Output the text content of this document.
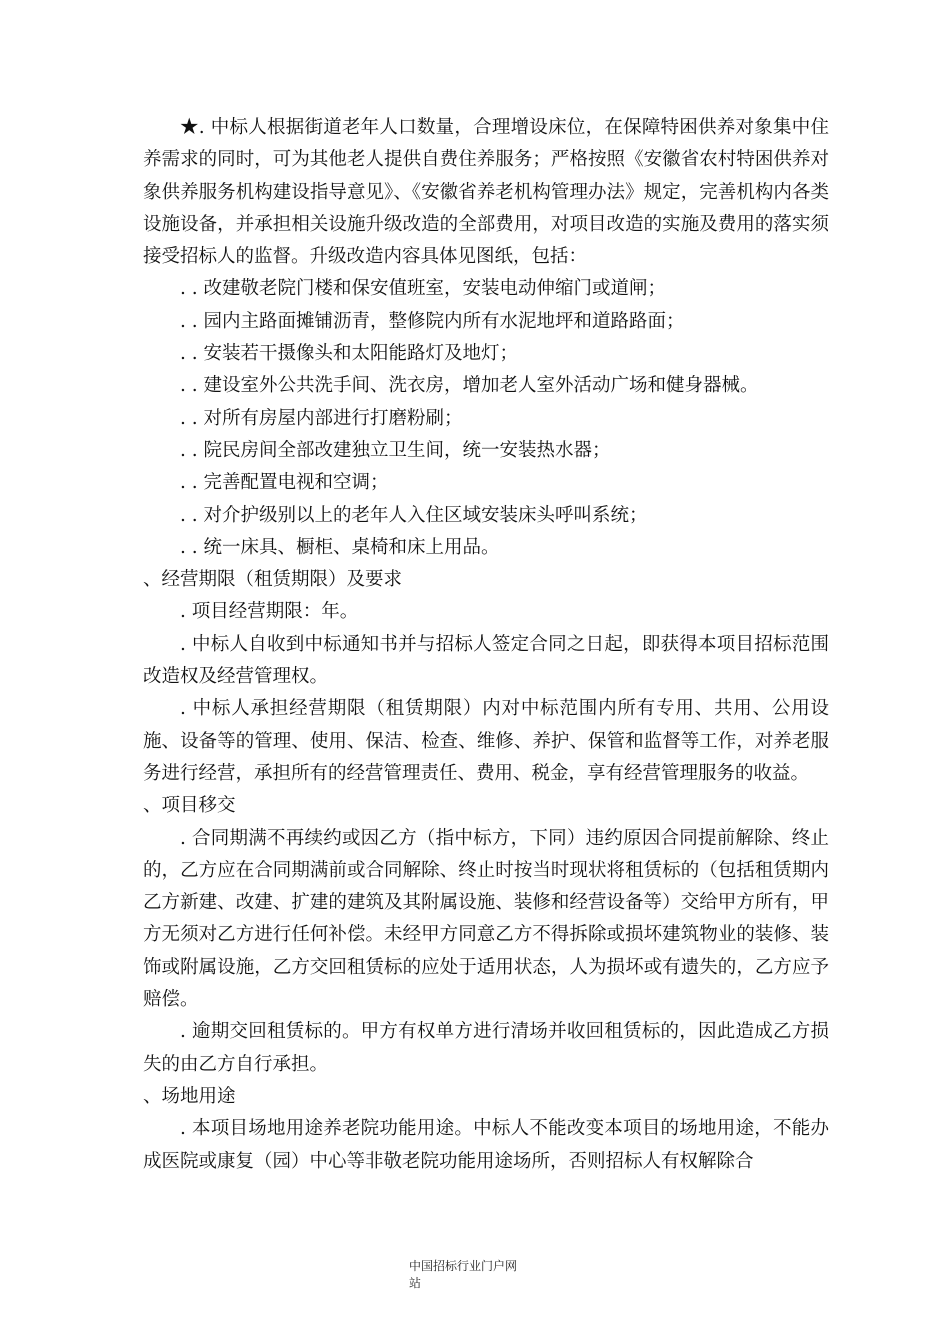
★. 中标人根据街道老年人口数量，合理增设床位，在保障特困供养对象集中住养需求的同时，可为其他老人提供自费住养服务；严格按照《安徽省农村特困供养对象供养服务机构建设指导意见》、《安徽省养老机构管理办法》规定，完善机构内各类设施设备，并承担相关设施升级改造的全部费用，对项目改造的实施及费用的落实须接受招标人的监督。升级改造内容具体见图纸，包括：

. . 改建敬老院门楼和保安值班室，安装电动伸缩门或道闸；

. . 园内主路面摊铺沥青，整修院内所有水泥地坪和道路路面；

. . 安装若干摄像头和太阳能路灯及地灯；

. . 建设室外公共洗手间、洗衣房，增加老人室外活动广场和健身器械。

. . 对所有房屋内部进行打磨粉刷；

. . 院民房间全部改建独立卫生间，统一安装热水器；

. . 完善配置电视和空调；

. . 对介护级别以上的老年人入住区域安装床头呼叫系统；

. . 统一床具、橱柜、桌椅和床上用品。

、经营期限（租赁期限）及要求

. 项目经营期限：年。

. 中标人自收到中标通知书并与招标人签定合同之日起，即获得本项目招标范围改造权及经营管理权。

. 中标人承担经营期限（租赁期限）内对中标范围内所有专用、共用、公用设施、设备等的管理、使用、保洁、检查、维修、养护、保管和监督等工作，对养老服务进行经营，承担所有的经营管理责任、费用、税金，享有经营管理服务的收益。

、项目移交

. 合同期满不再续约或因乙方（指中标方，下同）违约原因合同提前解除、终止的，乙方应在合同期满前或合同解除、终止时按当时现状将租赁标的（包括租赁期内乙方新建、改建、扩建的建筑及其附属设施、装修和经营设备等）交给甲方所有，甲方无须对乙方进行任何补偿。未经甲方同意乙方不得拆除或损坏建筑物业的装修、装饰或附属设施，乙方交回租赁标的应处于适用状态，人为损坏或有遗失的，乙方应予赔偿。

. 逾期交回租赁标的。甲方有权单方进行清场并收回租赁标的，因此造成乙方损失的由乙方自行承担。

、场地用途

. 本项目场地用途养老院功能用途。中标人不能改变本项目的场地用途，不能办成医院或康复（园）中心等非敬老院功能用途场所，否则招标人有权解除合

中国招标行业门户网
站
